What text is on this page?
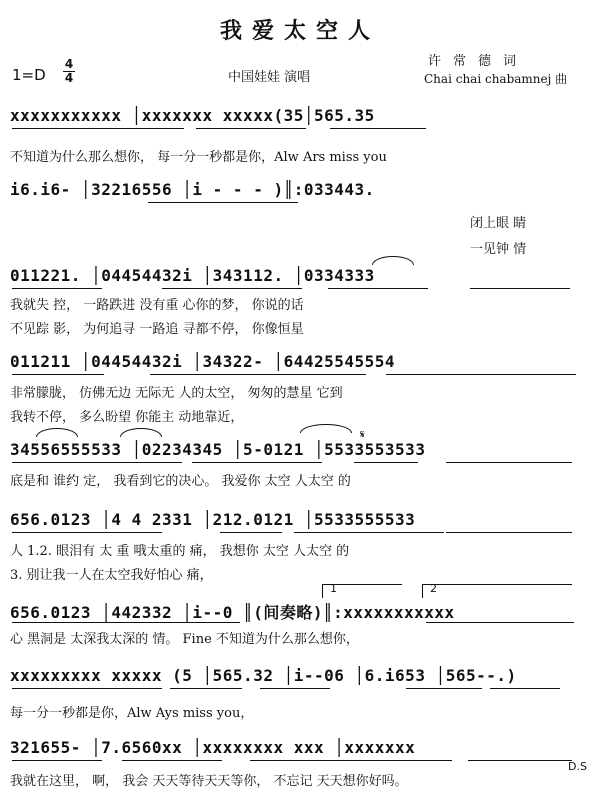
我爱太空人
1=D
4
4	中国娃娃 演唱
许常德词
Chai chai chabamnej 曲
xxxxxxxxxxx │xxxxxxx xxxxx(35│565.35
不知道为什么那么想你， 每一分一秒都是你，Alw Ars miss you
i6.i6- │32216556 │i - - - )║:033443.
闭上眼 睛
一见钟 情
011221. │04454432i │343112. │0334333
我就失 控， 一路跌进 没有重 心你的梦， 你说的话
不见踪 影， 为何追寻 一路追 寻都不停， 你像恒星
011211 │04454432i │34322- │64425545554
非常朦胧， 仿佛无边 无际无 人的太空， 匆匆的慧星 它到
我转不停， 多么盼望 你能主 动地靠近，
34556555533 │02234345 │5-0121 │5533553533
𝄋
底是和 谁约 定， 我看到它的决心。 我爱你 太空 人太空 的
656.0123 │4 4 2331 │212.0121 │5533555533
人 1.2. 眼泪有 太 重 哦太重的 痛， 我想你 太空 人太空 的
3. 别让我一人在太空我好怕心 痛，
1	2
656.0123 │442332 │i--0 ║(间奏略)║:xxxxxxxxxxx
心 黑洞是 太深我太深的 情。 Fine 不知道为什么那么想你，
xxxxxxxxx xxxxx (5 │565.32 │i--06 │6.i653 │565--.)
每一分一秒都是你，Alw Ays miss you，
321655- │7.6560xx │xxxxxxxx xxx │xxxxxxx
D.S
我就在这里， 啊， 我会 天天等待天天等你， 不忘记 天天想你好吗。
